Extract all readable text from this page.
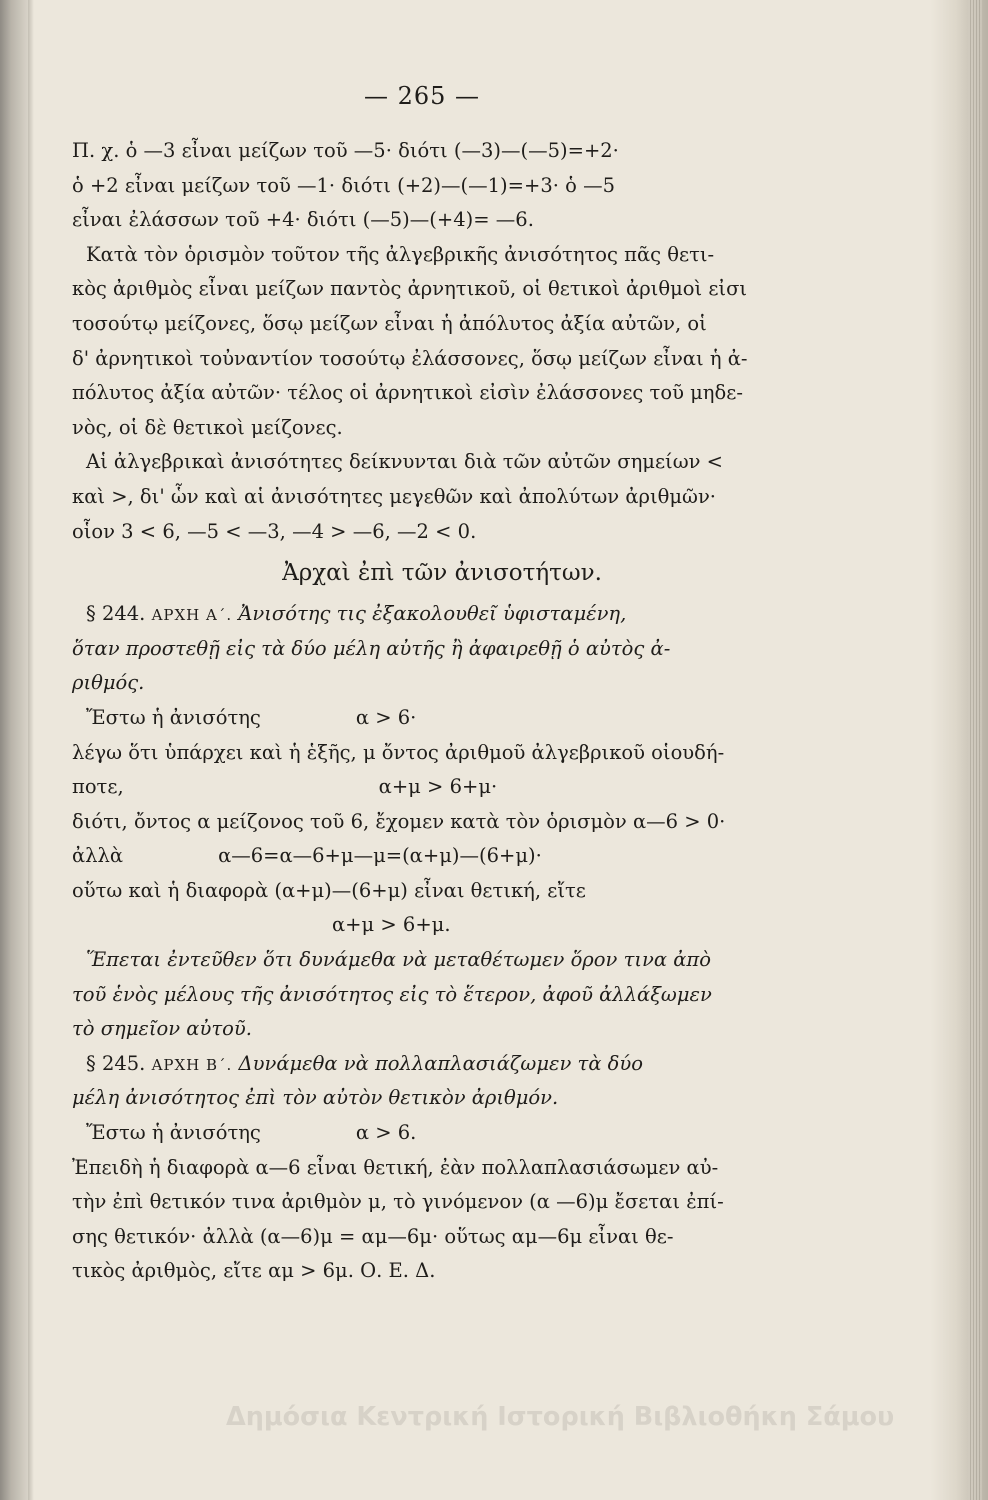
— 265 —
Π. χ. ὁ —3 εἶναι μείζων τοῦ —5· διότι (—3)—(—5)=+2·
ὁ +2 εἶναι μείζων τοῦ —1· διότι (+2)—(—1)=+3· ὁ —5
εἶναι ἐλάσσων τοῦ +4· διότι (—5)—(+4)= —6.
Κατὰ τὸν ὁρισμὸν τοῦτον τῆς ἀλγεβρικῆς ἀνισότητος πᾶς θετι-
κὸς ἀριθμὸς εἶναι μείζων παντὸς ἀρνητικοῦ, οἱ θετικοὶ ἀριθμοὶ εἰσι
τοσούτῳ μείζονες, ὅσῳ μείζων εἶναι ἡ ἀπόλυτος ἀξία αὐτῶν, οἱ
δ' ἀρνητικοὶ τοὐναντίον τοσούτῳ ἐλάσσονες, ὅσῳ μείζων εἶναι ἡ ἀ-
πόλυτος ἀξία αὐτῶν· τέλος οἱ ἀρνητικοὶ εἰσὶν ἐλάσσονες τοῦ μηδε-
νὸς, οἱ δὲ θετικοὶ μείζονες.
Αἱ ἀλγεβρικαὶ ἀνισότητες δείκνυνται διὰ τῶν αὐτῶν σημείων <
καὶ >, δι' ὧν καὶ αἱ ἀνισότητες μεγεθῶν καὶ ἀπολύτων ἀριθμῶν·
οἷον 3 < 6, —5 < —3, —4 > —6, —2 < 0.
Ἀρχαὶ ἐπὶ τῶν ἀνισοτήτων.
§ 244. ΑΡΧΗ Α΄. Ἀνισότης τις ἐξακολουθεῖ ὑφισταμένη,
ὅταν προστεθῇ εἰς τὰ δύο μέλη αὐτῆς ἢ ἀφαιρεθῇ ὁ αὐτὸς ἀ-
ριθμός.
Ἔστω ἡ ἀνισότης	α > 6·
λέγω ὅτι ὑπάρχει καὶ ἡ ἑξῆς, μ ὄντος ἀριθμοῦ ἀλγεβρικοῦ οἱουδή-
ποτε,	α+μ > 6+μ·
διότι, ὄντος α μείζονος τοῦ 6, ἔχομεν κατὰ τὸν ὁρισμὸν α—6 > 0·
ἀλλὰ	α—6=α—6+μ—μ=(α+μ)—(6+μ)·
οὕτω καὶ ἡ διαφορὰ (α+μ)—(6+μ) εἶναι θετική, εἴτε
α+μ > 6+μ.
Ἕπεται ἐντεῦθεν ὅτι δυνάμεθα νὰ μεταθέτωμεν ὅρον τινα ἀπὸ
τοῦ ἑνὸς μέλους τῆς ἀνισότητος εἰς τὸ ἕτερον, ἀφοῦ ἀλλάξωμεν
τὸ σημεῖον αὐτοῦ.
§ 245. ΑΡΧΗ Β΄. Δυνάμεθα νὰ πολλαπλασιάζωμεν τὰ δύο
μέλη ἀνισότητος ἐπὶ τὸν αὐτὸν θετικὸν ἀριθμόν.
Ἔστω ἡ ἀνισότης	α > 6.
Ἐπειδὴ ἡ διαφορὰ α—6 εἶναι θετική, ἐὰν πολλαπλασιάσωμεν αὐ-
τὴν ἐπὶ θετικόν τινα ἀριθμὸν μ, τὸ γινόμενον (α —6)μ ἔσεται ἐπί-
σης θετικόν· ἀλλὰ (α—6)μ = αμ—6μ· οὕτως αμ—6μ εἶναι θε-
τικὸς ἀριθμὸς, εἴτε αμ > 6μ. Ο. Ε. Δ.
Δημόσια Κεντρική Ιστορική Βιβλιοθήκη Σάμου
